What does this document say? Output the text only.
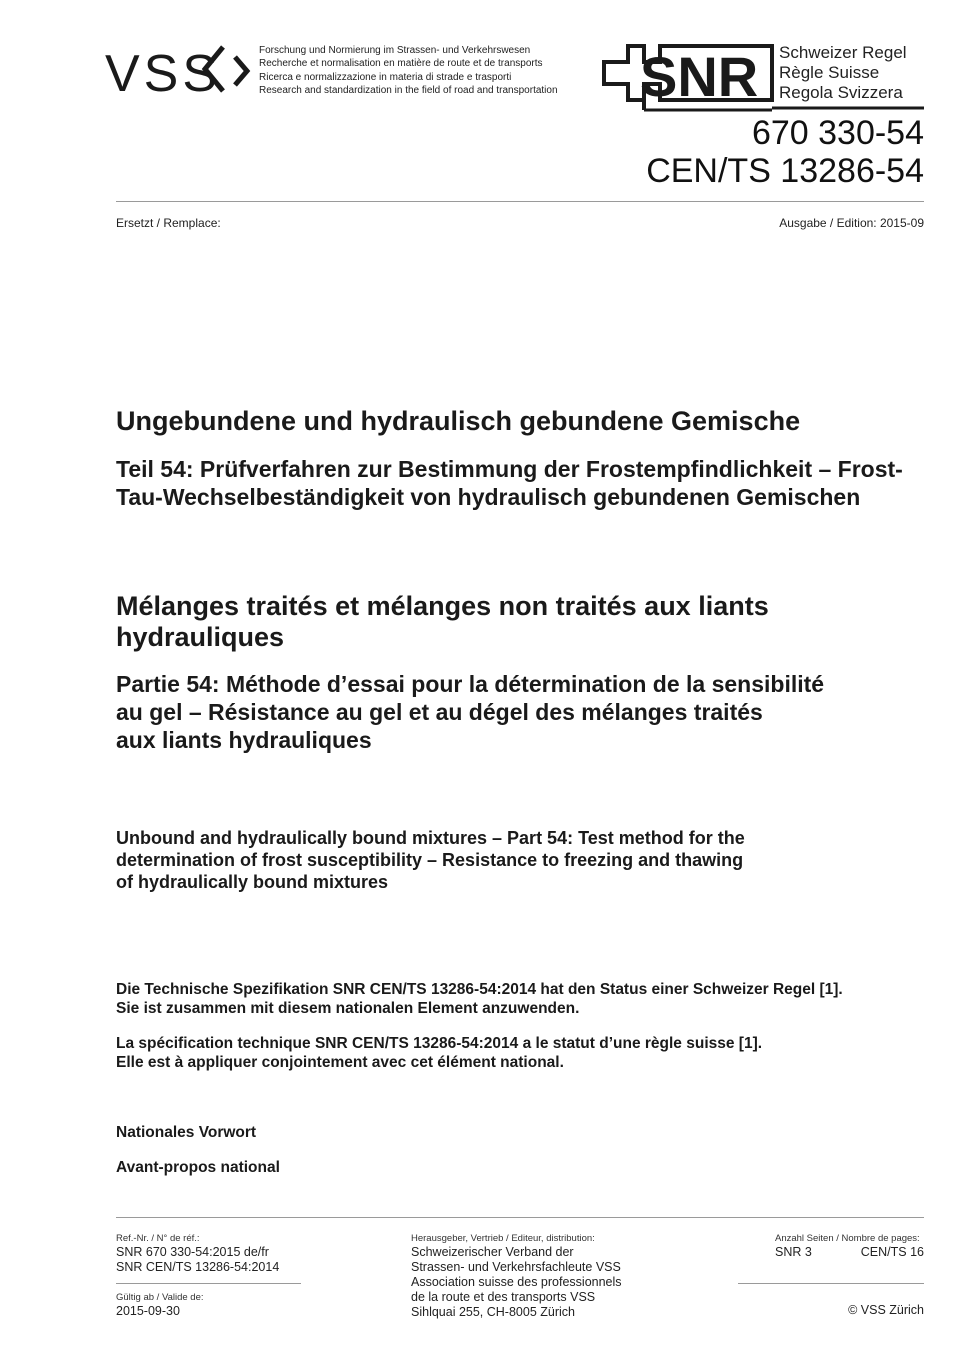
VSS	Forschung und Normierung im Strassen- und Verkehrswesen
Recherche et normalisation en matière de route et de transports
Ricerca e normalizzazione in materia di strade e trasporti
Research and standardization in the field of road and transportation SNR Schweizer Regel
Règle Suisse
Regola Svizzera
670 330-54
CEN/TS 13286-54
Ersetzt / Remplace:	Ausgabe / Edition: 2015-09
Ungebundene und hydraulisch gebundene Gemische
Teil 54: Prüfverfahren zur Bestimmung der Frostempfindlichkeit – Frost-Tau-Wechselbeständigkeit von hydraulisch gebundenen Gemischen
Mélanges traités et mélanges non traités aux liants hydrauliques
Partie 54: Méthode d’essai pour la détermination de la sensibilité
au gel – Résistance au gel et au dégel des mélanges traités
aux liants hydrauliques
Unbound and hydraulically bound mixtures – Part 54: Test method for the
determination of frost susceptibility – Resistance to freezing and thawing
of hydraulically bound mixtures
Die Technische Spezifikation SNR CEN/TS 13286-54:2014 hat den Status einer Schweizer Regel [1].
Sie ist zusammen mit diesem nationalen Element anzuwenden.
La spécification technique SNR CEN/TS 13286-54:2014 a le statut d’une règle suisse [1].
Elle est à appliquer conjointement avec cet élément national.
Nationales Vorwort
Avant-propos national
Ref.-Nr. / N° de réf.:
SNR 670 330-54:2015 de/fr
SNR CEN/TS 13286-54:2014
Gültig ab / Valide de:
2015-09-30
Herausgeber, Vertrieb / Editeur, distribution:
Schweizerischer Verband der
Strassen- und Verkehrsfachleute VSS
Association suisse des professionnels
de la route et des transports VSS
Sihlquai 255, CH-8005 Zürich
Anzahl Seiten / Nombre de pages:
SNR 3	CEN/TS 16
© VSS Zürich
